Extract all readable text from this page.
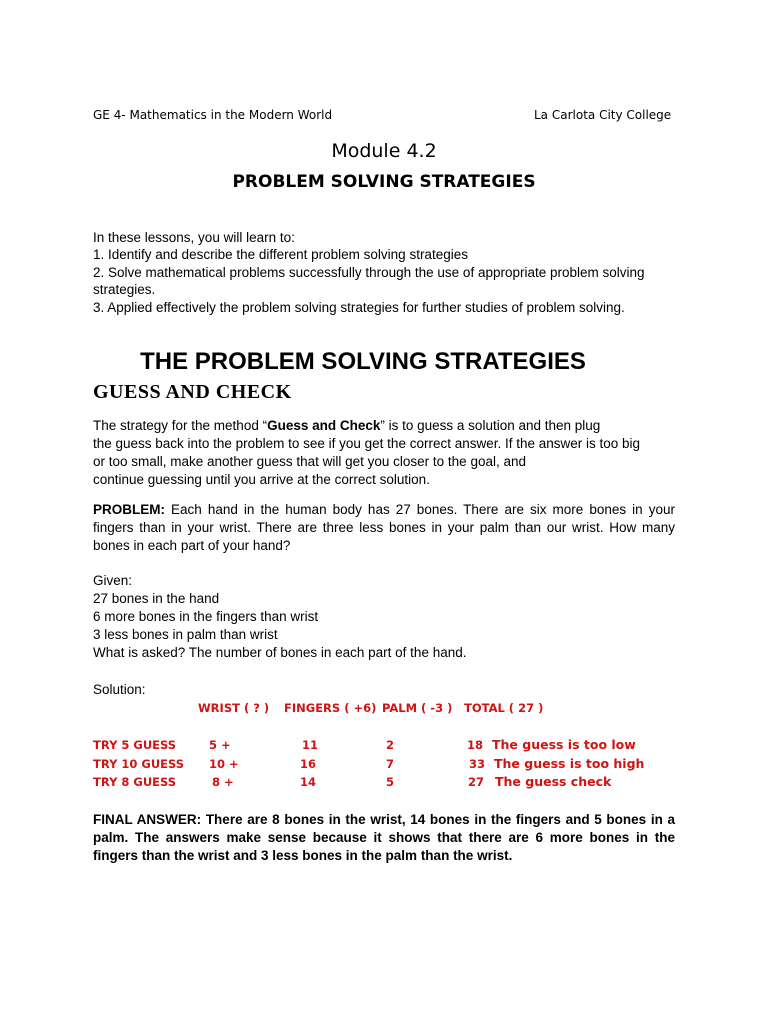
GE 4- Mathematics in the Modern World	La Carlota City College
Module 4.2
PROBLEM SOLVING STRATEGIES
In these lessons, you will learn to:
1. Identify and describe the different problem solving strategies
2. Solve mathematical problems successfully through the use of appropriate problem solving
strategies.
3. Applied effectively the problem solving strategies for further studies of problem solving.
THE PROBLEM SOLVING STRATEGIES
GUESS AND CHECK
The strategy for the method “Guess and Check” is to guess a solution and then plug
the guess back into the problem to see if you get the correct answer. If the answer is too big
or too small, make another guess that will get you closer to the goal, and
continue guessing until you arrive at the correct solution.
PROBLEM: Each hand in the human body has 27 bones. There are six more bones in your fingers than in your wrist. There are three less bones in your palm than our wrist. How many bones in each part of your hand?
Given:
27 bones in the hand
6 more bones in the fingers than wrist
3 less bones in palm than wrist
What is asked? The number of bones in each part of the hand.
Solution:
WRIST ( ? ) FINGERS ( +6) PALM ( -3 ) TOTAL ( 27 )
TRY 5 GUESS	5 +	11	2	18 The guess is too low
TRY 10 GUESS 10 +	16	7	33 The guess is too high
TRY 8 GUESS	8 +	14	5	27 The guess check
FINAL ANSWER: There are 8 bones in the wrist, 14 bones in the fingers and 5 bones in a palm. The answers make sense because it shows that there are 6 more bones in the fingers than the wrist and 3 less bones in the palm than the wrist.
